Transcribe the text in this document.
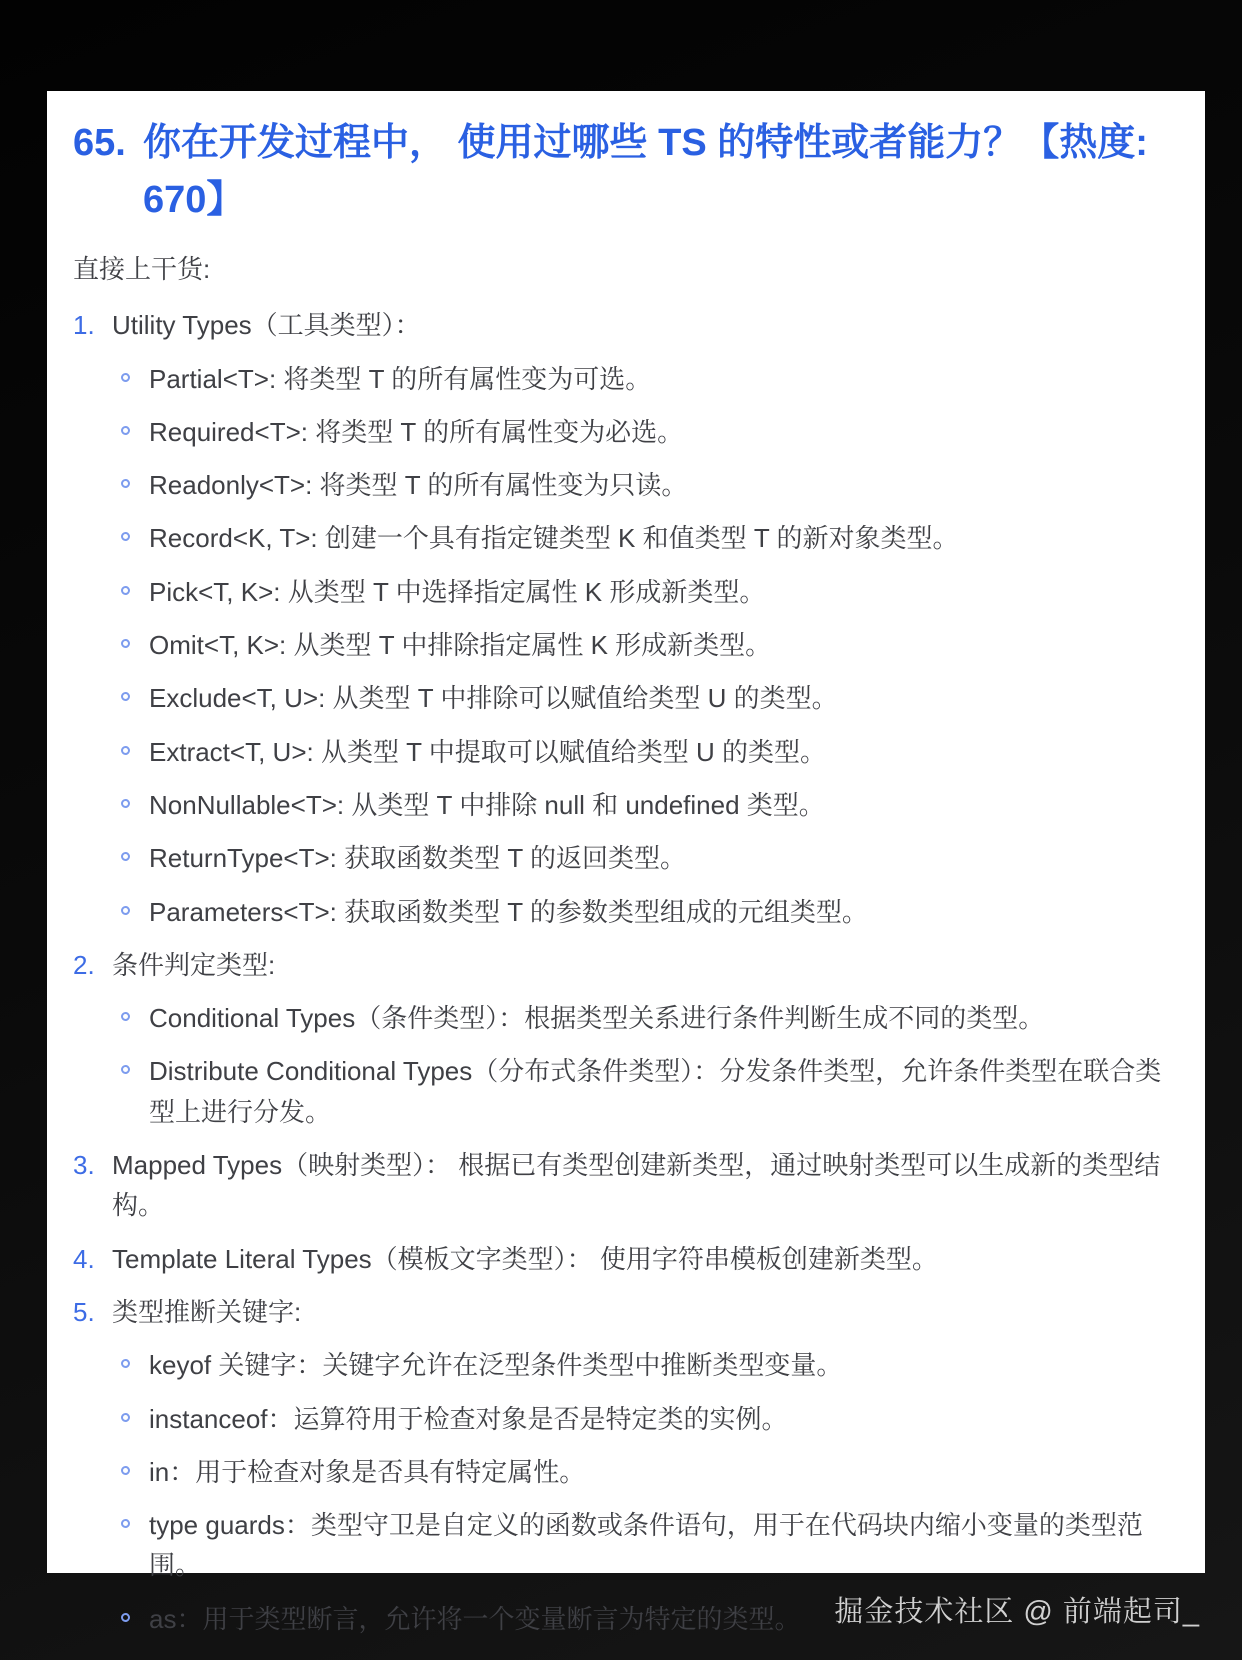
65. 你在开发过程中， 使用过哪些 TS 的特性或者能力？【热度: 670】

直接上干货:

1. Utility Types（工具类型）：
Partial<T>: 将类型 T 的所有属性变为可选。
Required<T>: 将类型 T 的所有属性变为必选。
Readonly<T>: 将类型 T 的所有属性变为只读。
Record<K, T>: 创建一个具有指定键类型 K 和值类型 T 的新对象类型。
Pick<T, K>: 从类型 T 中选择指定属性 K 形成新类型。
Omit<T, K>: 从类型 T 中排除指定属性 K 形成新类型。
Exclude<T, U>: 从类型 T 中排除可以赋值给类型 U 的类型。
Extract<T, U>: 从类型 T 中提取可以赋值给类型 U 的类型。
NonNullable<T>: 从类型 T 中排除 null 和 undefined 类型。
ReturnType<T>: 获取函数类型 T 的返回类型。
Parameters<T>: 获取函数类型 T 的参数类型组成的元组类型。
2. 条件判定类型:
Conditional Types（条件类型）：根据类型关系进行条件判断生成不同的类型。
Distribute Conditional Types（分布式条件类型）：分发条件类型，允许条件类型在联合类型上进行分发。
3. Mapped Types（映射类型）： 根据已有类型创建新类型，通过映射类型可以生成新的类型结构。
4. Template Literal Types（模板文字类型）： 使用字符串模板创建新类型。
5. 类型推断关键字:
keyof 关键字：关键字允许在泛型条件类型中推断类型变量。
instanceof：运算符用于检查对象是否是特定类的实例。
in：用于检查对象是否具有特定属性。
type guards：类型守卫是自定义的函数或条件语句，用于在代码块内缩小变量的类型范围。
as：用于类型断言，允许将一个变量断言为特定的类型。	掘金技术社区 @ 前端起司_
